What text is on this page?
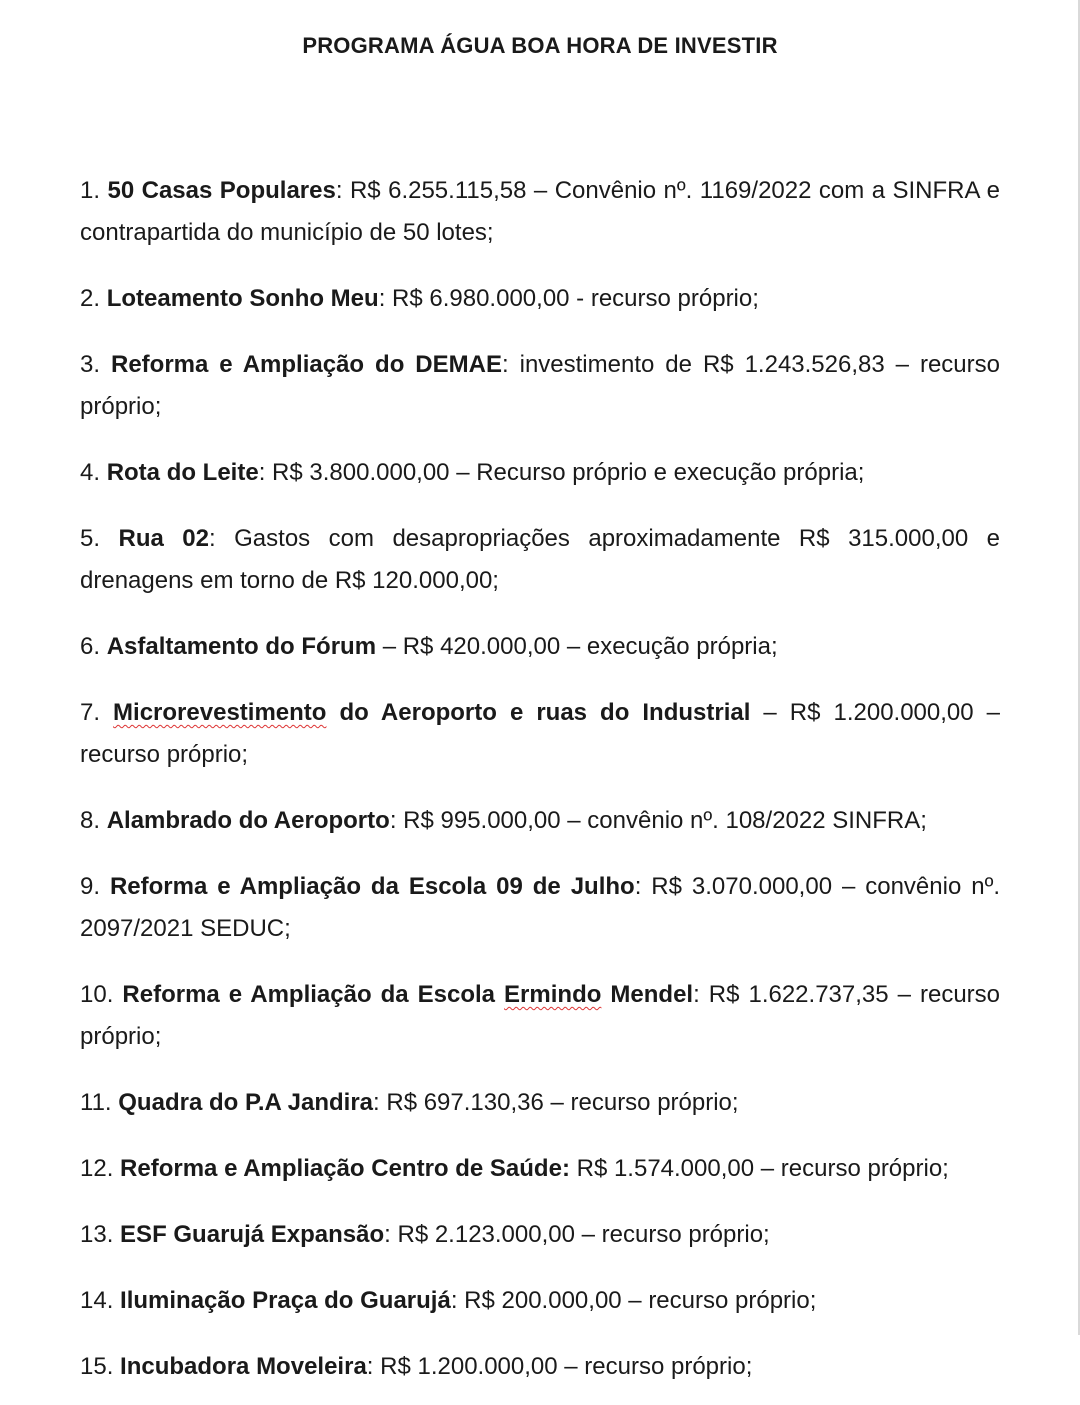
PROGRAMA ÁGUA BOA HORA DE INVESTIR

1. 50 Casas Populares: R$ 6.255.115,58 – Convênio nº. 1169/2022 com a SINFRA e contrapartida do município de 50 lotes;

2. Loteamento Sonho Meu: R$ 6.980.000,00 - recurso próprio;

3. Reforma e Ampliação do DEMAE: investimento de R$ 1.243.526,83 – recurso próprio;

4. Rota do Leite: R$ 3.800.000,00 – Recurso próprio e execução própria;

5. Rua 02: Gastos com desapropriações aproximadamente R$ 315.000,00 e drenagens em torno de R$ 120.000,00;

6. Asfaltamento do Fórum – R$ 420.000,00 – execução própria;

7. Microrevestimento do Aeroporto e ruas do Industrial – R$ 1.200.000,00 – recurso próprio;

8. Alambrado do Aeroporto: R$ 995.000,00 – convênio nº. 108/2022 SINFRA;

9. Reforma e Ampliação da Escola 09 de Julho: R$ 3.070.000,00 – convênio nº. 2097/2021 SEDUC;

10. Reforma e Ampliação da Escola Ermindo Mendel: R$ 1.622.737,35 – recurso próprio;

11. Quadra do P.A Jandira: R$ 697.130,36 – recurso próprio;

12. Reforma e Ampliação Centro de Saúde: R$ 1.574.000,00 – recurso próprio;

13. ESF Guarujá Expansão: R$ 2.123.000,00 – recurso próprio;

14. Iluminação Praça do Guarujá: R$ 200.000,00 – recurso próprio;

15. Incubadora Moveleira: R$ 1.200.000,00 – recurso próprio;
